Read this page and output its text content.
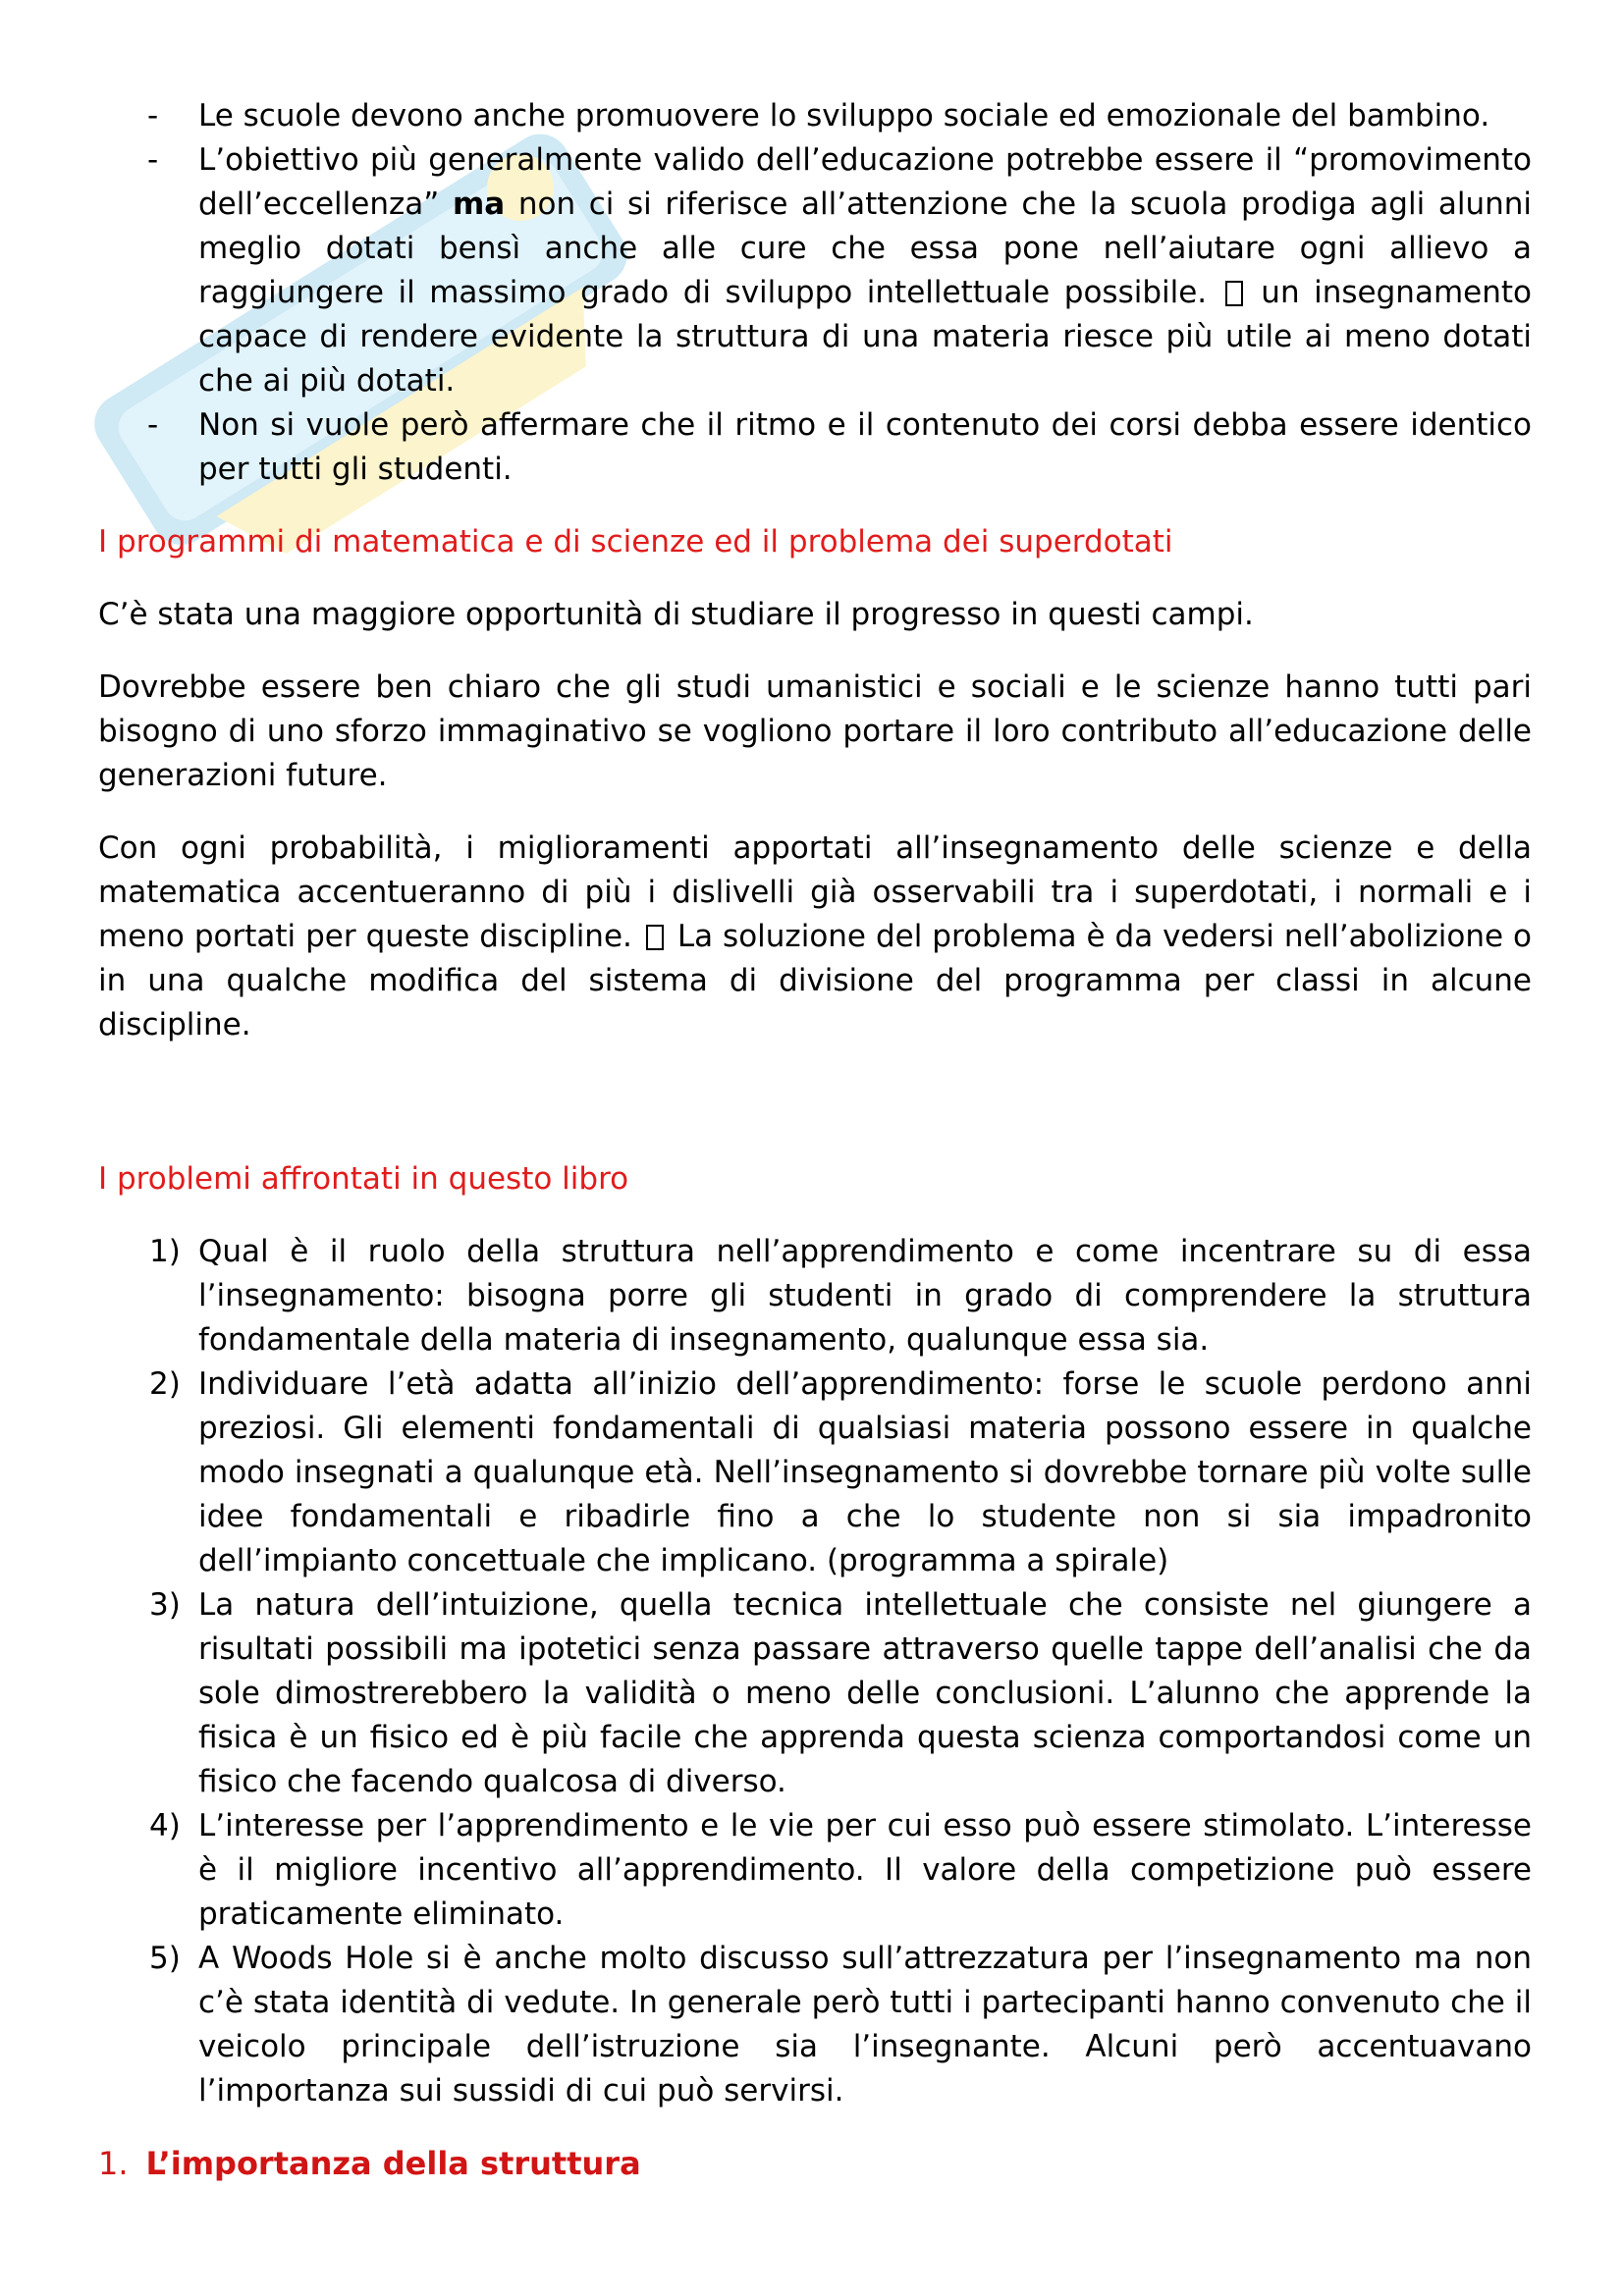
- Le scuole devono anche promuovere lo sviluppo sociale ed emozionale del bambino.
- L’obiettivo più generalmente valido dell’educazione potrebbe essere il “promovimento dell’eccellenza” ma non ci si riferisce all’attenzione che la scuola prodiga agli alunni meglio dotati bensì anche alle cure che essa pone nell’aiutare ogni allievo a raggiungere il massimo grado di sviluppo intellettuale possibile. un insegnamento capace di rendere evidente la struttura di una materia riesce più utile ai meno dotati che ai più dotati.
- Non si vuole però affermare che il ritmo e il contenuto dei corsi debba essere identico per tutti gli studenti.

I programmi di matematica e di scienze ed il problema dei superdotati

C’è stata una maggiore opportunità di studiare il progresso in questi campi.

Dovrebbe essere ben chiaro che gli studi umanistici e sociali e le scienze hanno tutti pari bisogno di uno sforzo immaginativo se vogliono portare il loro contributo all’educazione delle generazioni future.

Con ogni probabilità, i miglioramenti apportati all’insegnamento delle scienze e della matematica accentueranno di più i dislivelli già osservabili tra i superdotati, i normali e i meno portati per queste discipline. La soluzione del problema è da vedersi nell’abolizione o in una qualche modifica del sistema di divisione del programma per classi in alcune discipline.

I problemi affrontati in questo libro

1) Qual è il ruolo della struttura nell’apprendimento e come incentrare su di essa l’insegnamento: bisogna porre gli studenti in grado di comprendere la struttura fondamentale della materia di insegnamento, qualunque essa sia.
2) Individuare l’età adatta all’inizio dell’apprendimento: forse le scuole perdono anni preziosi. Gli elementi fondamentali di qualsiasi materia possono essere in qualche modo insegnati a qualunque età. Nell’insegnamento si dovrebbe tornare più volte sulle idee fondamentali e ribadirle fino a che lo studente non si sia impadronito dell’impianto concettuale che implicano. (programma a spirale)
3) La natura dell’intuizione, quella tecnica intellettuale che consiste nel giungere a risultati possibili ma ipotetici senza passare attraverso quelle tappe dell’analisi che da sole dimostrerebbero la validità o meno delle conclusioni. L’alunno che apprende la fisica è un fisico ed è più facile che apprenda questa scienza comportandosi come un fisico che facendo qualcosa di diverso.
4) L’interesse per l’apprendimento e le vie per cui esso può essere stimolato. L’interesse è il migliore incentivo all’apprendimento. Il valore della competizione può essere praticamente eliminato.
5) A Woods Hole si è anche molto discusso sull’attrezzatura per l’insegnamento ma non c’è stata identità di vedute. In generale però tutti i partecipanti hanno convenuto che il veicolo principale dell’istruzione sia l’insegnante. Alcuni però accentuavano l’importanza sui sussidi di cui può servirsi.

1. L’importanza della struttura
